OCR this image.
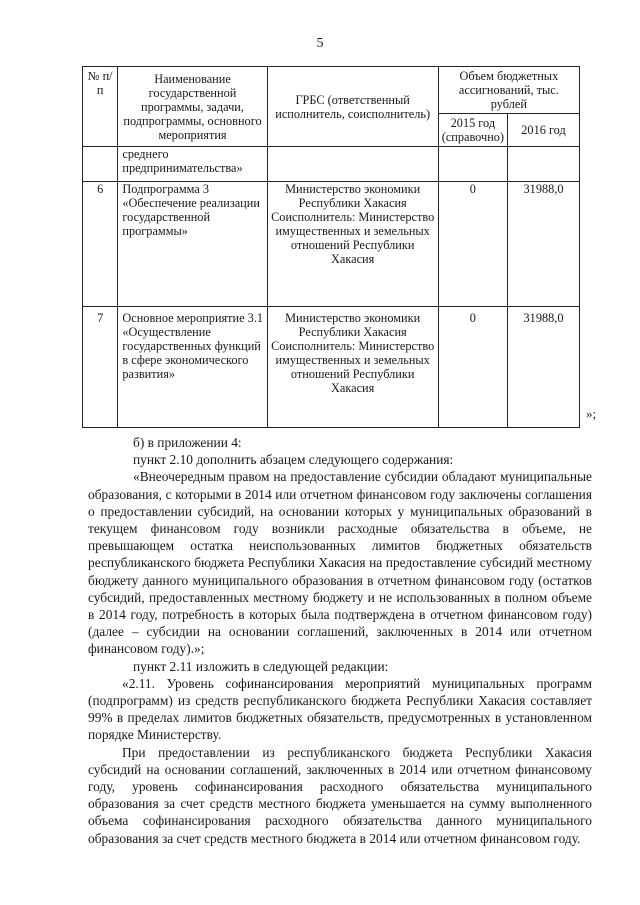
5
№ п/п	Наименование государственной программы, задачи, подпрограммы, основного мероприятия	ГРБС (ответственный исполнитель, соисполнитель)	Объем бюджетных ассигнований, тыс. рублей	
			2015 год (справочно)	2016 год
	среднего предпринимательства»			
6	Подпрограмма 3 «Обеспечение реализации государственной программы»	Министерство экономики Республики Хакасия Соисполнитель: Министерство имущественных и земельных отношений Республики Хакасия	0	31988,0
7	Основное мероприятие 3.1 «Осуществление государственных функций в сфере экономического развития»	Министерство экономики Республики Хакасия Соисполнитель: Министерство имущественных и земельных отношений Республики Хакасия	0	31988,0
»;

б) в приложении 4:

пункт 2.10 дополнить абзацем следующего содержания:

«Внеочередным правом на предоставление субсидии обладают муниципальные образования, с которыми в 2014 или отчетном финансовом году заключены соглашения о предоставлении субсидий, на основании которых у муниципальных образований в текущем финансовом году возникли расходные обязательства в объеме, не превышающем остатка неиспользованных лимитов бюджетных обязательств республиканского бюджета Республики Хакасия на предоставление субсидий местному бюджету данного муниципального образования в отчетном финансовом году (остатков субсидий, предоставленных местному бюджету и не использованных в полном объеме в 2014 году, потребность в которых была подтверждена в отчетном финансовом году) (далее – субсидии на основании соглашений, заключенных в 2014 или отчетном финансовом году).»;

пункт 2.11 изложить в следующей редакции:

«2.11. Уровень софинансирования мероприятий муниципальных программ (подпрограмм) из средств республиканского бюджета Республики Хакасия составляет 99% в пределах лимитов бюджетных обязательств, предусмотренных в установленном порядке Министерству.

При предоставлении из республиканского бюджета Республики Хакасия субсидий на основании соглашений, заключенных в 2014 или отчетном финансовому году, уровень софинансирования расходного обязательства муниципального образования за счет средств местного бюджета уменьшается на сумму выполненного объема софинансирования расходного обязательства данного муниципального образования за счет средств местного бюджета в 2014 или отчетном финансовом году.
